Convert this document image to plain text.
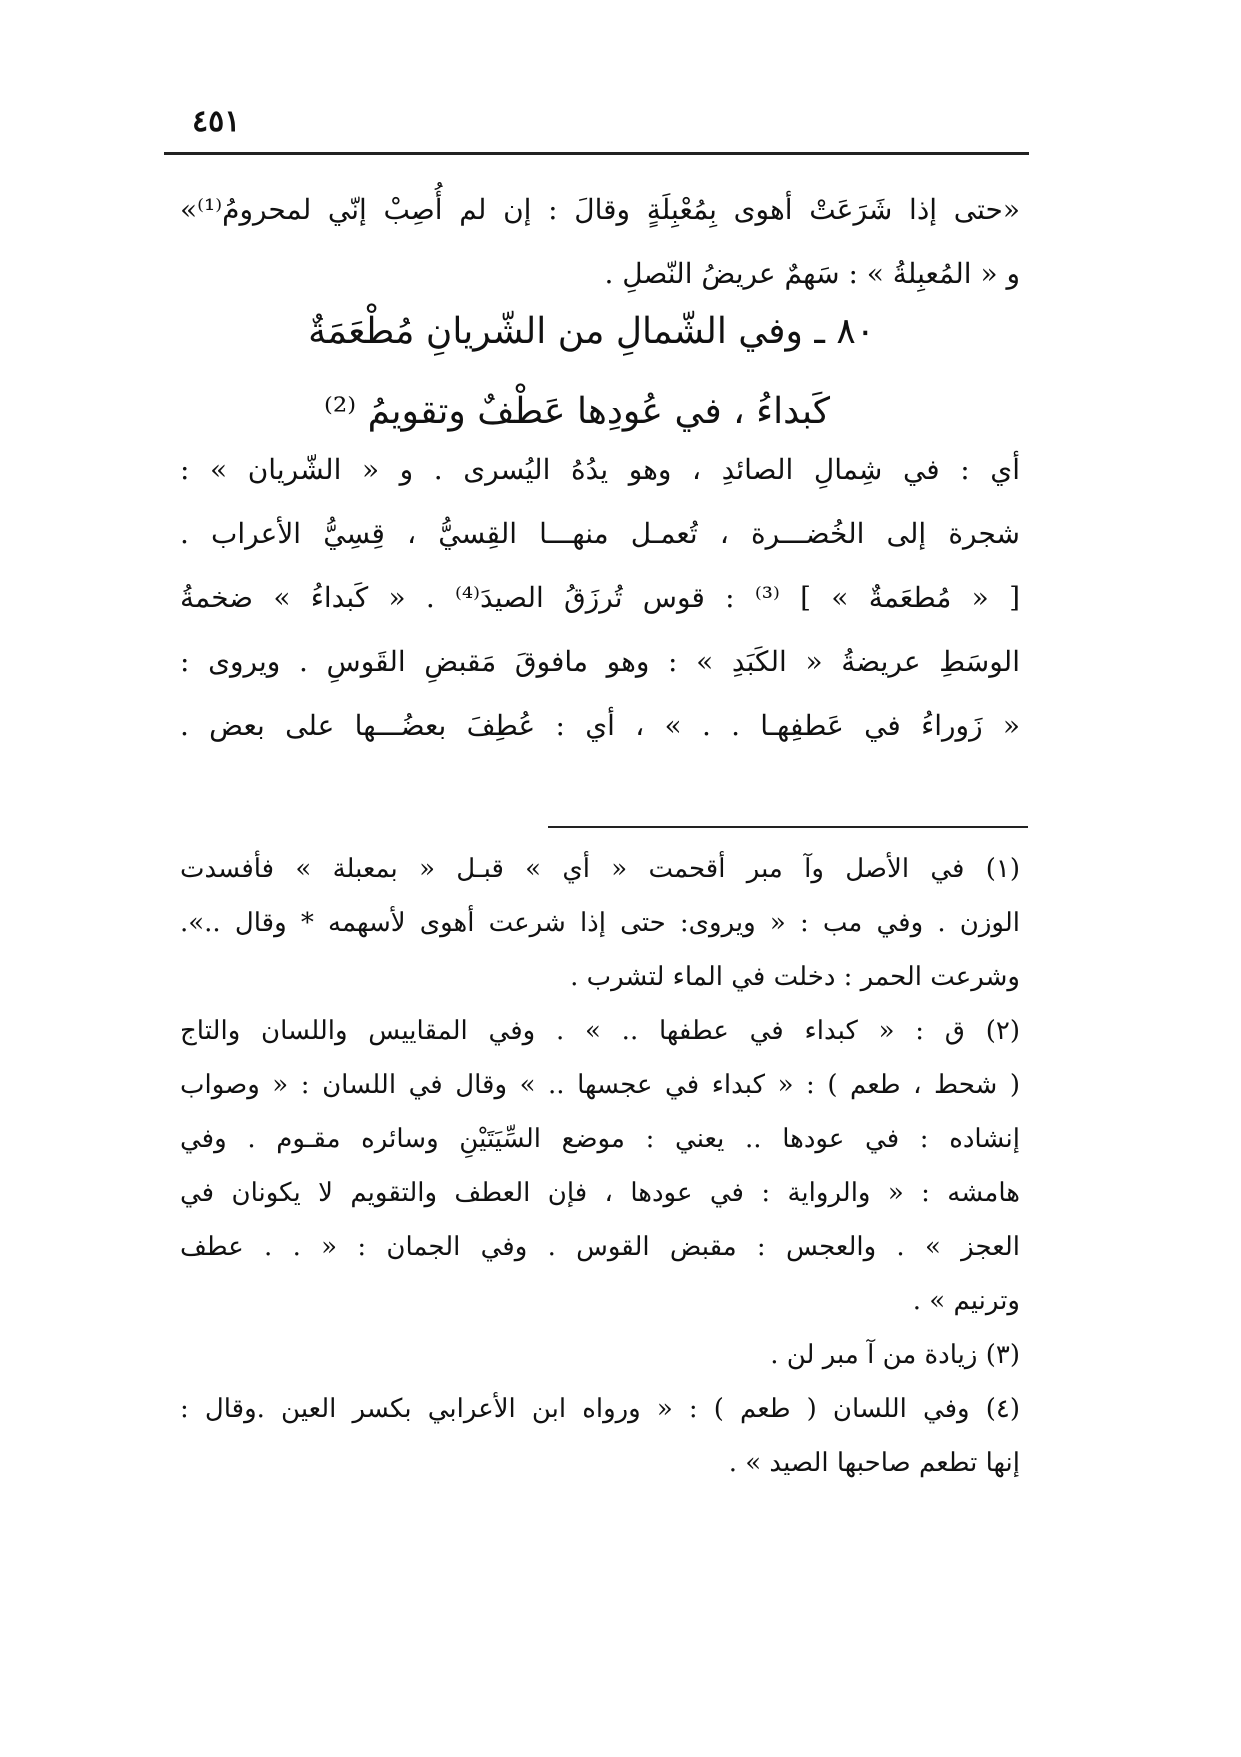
٤٥١
«حتى إذا شَرَعَتْ أهوى بِمُعْبِلَةٍ وقالَ : إن لم أُصِبْ إنّي لمحرومُ⁽¹⁾»
و « المُعبِلةُ » : سَهمٌ عريضُ النّصلِ .
٨٠ ـ وفي الشّمالِ من الشّريانِ مُطْعَمَةٌ
كَبداءُ ، في عُودِها عَطْفٌ وتقويمُ ⁽²⁾
أي : في شِمالِ الصائدِ ، وهو يدُهُ اليُسرى . و « الشّريان » :
شجرة إلى الخُضـــرة ، تُعمـل منهـــا القِسيُّ ، قِسِيُّ الأعراب .
[ « مُطعَمةٌ » ] ⁽³⁾ : قوس تُرزَقُ الصيدَ⁽⁴⁾ . « كَبداءُ » ضخمةُ
الوسَطِ عريضةُ « الكَبَدِ » : وهو مافوقَ مَقبضِ القَوسِ . ويروى :
« زَوراءُ في عَطفِهـا . . » ، أي : عُطِفَ بعضُـــها على بعض .
(١) في الأصل وآ مبر أقحمت « أي » قبـل « بمعبلة » فأفسدت
الوزن . وفي مب : « ويروى: حتى إذا شرعت أهوى لأسهمه * وقال ..».
وشرعت الحمر : دخلت في الماء لتشرب .
(٢) ق : « كبداء في عطفها .. » . وفي المقاييس واللسان والتاج
( شحط ، طعم ) : « كبداء في عجسها .. » وقال في اللسان : « وصواب
إنشاده : في عودها .. يعني : موضع السِّيَتَيْنِ وسائره مقـوم . وفي
هامشه : « والرواية : في عودها ، فإن العطف والتقويم لا يكونان في
العجز » . والعجس : مقبض القوس . وفي الجمان : « . . عطف
وترنيم » .
(٣) زيادة من آ مبر لن .
(٤) وفي اللسان ( طعم ) : « ورواه ابن الأعرابي بكسر العين .وقال :
إنها تطعم صاحبها الصيد » .
